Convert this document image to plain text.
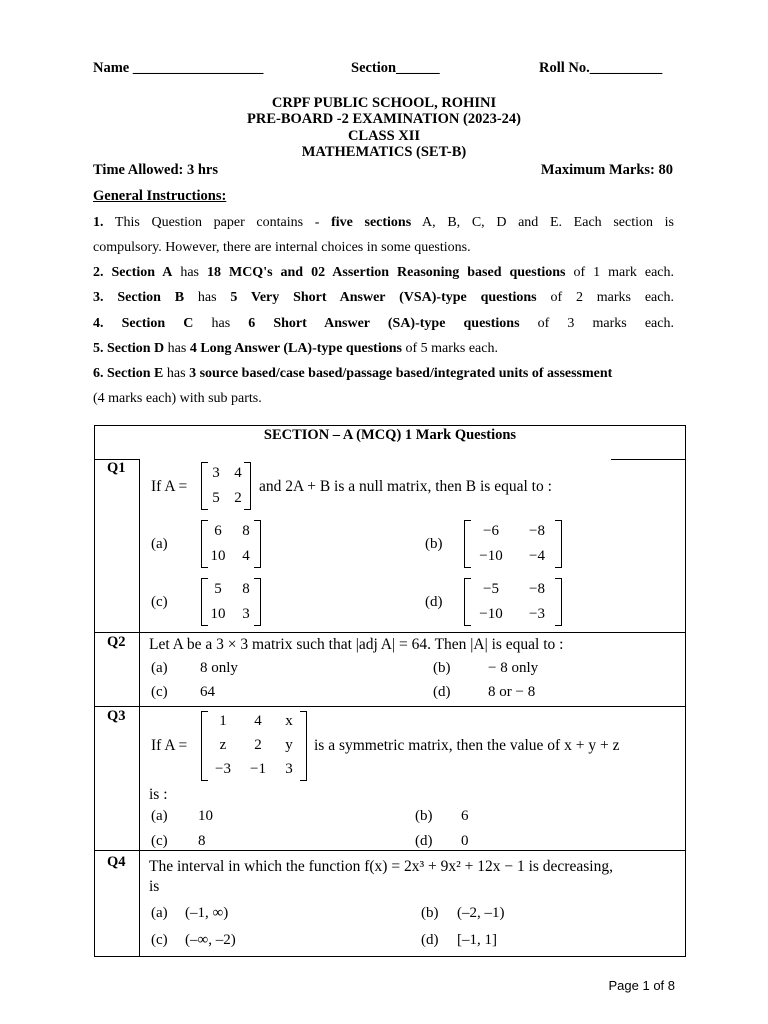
Name __________________	Section______	Roll No.__________
CRPF PUBLIC SCHOOL, ROHINI
PRE-BOARD -2 EXAMINATION (2023-24)
CLASS XII
MATHEMATICS (SET-B)
Time Allowed: 3 hrs	Maximum Marks: 80
General Instructions:
1. This Question paper contains - five sections A, B, C, D and E. Each section is
compulsory. However, there are internal choices in some questions.
2. Section A has 18 MCQ's and 02 Assertion Reasoning based questions of 1 mark each.
3. Section B has 5 Very Short Answer (VSA)-type questions of 2 marks each.
4. Section C has 6 Short Answer (SA)-type questions of 3 marks each.
5. Section D has 4 Long Answer (LA)-type questions of 5 marks each.
6. Section E has 3 source based/case based/passage based/integrated units of assessment
(4 marks each) with sub parts.
SECTION – A (MCQ) 1 Mark Questions
Q1
If A =
3 4
5 2
and 2A + B is a null matrix, then B is equal to :
(a)
6	8
10	4
(b)
−6	−8
−10	−4
(c)
5	8
10	3
(d)
−5	−8
−10	−3
Q2 Let A be a 3 × 3 matrix such that |adj A| = 64. Then |A| is equal to :
(a) 8 only	(b)	− 8 only
(c) 64	(d)	8 or − 8
Q3
If A =
1	4	x
z	2	y
−3	−1	3
is a symmetric matrix, then the value of x + y + z
is :
(a) 10	(b) 6
(c) 8	(d) 0
Q4 The interval in which the function f(x) = 2x³ + 9x² + 12x − 1 is decreasing,
is
(a) (–1, ∞)	(b) (–2, –1)
(c) (–∞, –2)	(d) [–1, 1]
Page 1 of 8
